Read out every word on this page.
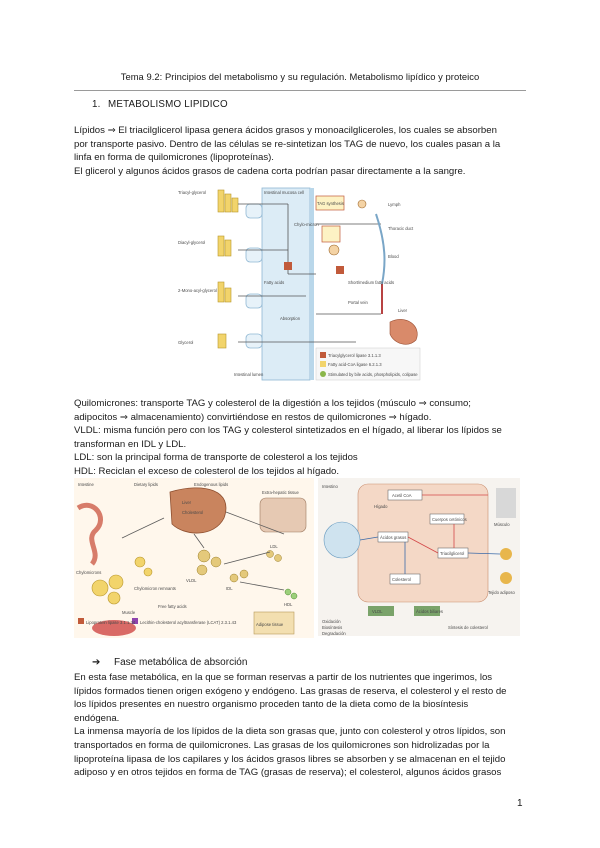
Tema 9.2: Principios del metabolismo y su regulación. Metabolismo lipídico y proteico
1. METABOLISMO LIPIDICO
Lípidos ⇒ El triacilglicerol lipasa genera ácidos grasos y monoacilgliceroles, los cuales se absorben
por transporte pasivo. Dentro de las células se re-sintetizan los TAG de nuevo, los cuales pasan a la
linfa en forma de quilomicrones (lipoproteínas).
El glicerol y algunos ácidos grasos de cadena corta podrían pasar directamente a la sangre.
Triacyl-glycerol
Diacyl-glycerol
2-Mono-acyl-glycerol
Glycerol
Intestinal lumen
Intestinal mucosa cell
Fatty acids
TAG synthesis
Chylo-micron
Lymph
Thoracic duct
Blood
Liver
Short/medium fatty acids
Portal vein
Absorption
Triacylglycerol lipase 3.1.1.3
Fatty acid-CoA ligase 6.2.1.3
Stimulated by bile acids, phospholipids, colipase
Quilomicrones: transporte TAG y colesterol de la digestión a los tejidos (músculo ⇒ consumo;
adipocitos ⇒ almacenamiento) convirtiéndose en restos de quilomicrones ⇒ hígado.
VLDL: misma función pero con los TAG y colesterol sintetizados en el hígado, al liberar los lípidos se
transforman en IDL y LDL.
LDL: son la principal forma de transporte de colesterol a los tejidos
HDL: Reciclan el exceso de colesterol de los tejidos al hígado.
Intestine	Dietary lipids	Endogenous lipids
Liver
Cholesterol
Extra-hepatic tissue
Chylomicrons
Chylomicron remnants
VLDL
IDL
LDL
HDL
Muscle
Adipose tissue
Free fatty acids
Lipoprotein lipase 3.1.1.34 Lecithin-cholesterol acyltransferase (LCAT) 2.3.1.43
Intestino
Acetil CoA
Cuerpos cetónicos
Ácidos grasos
Triacilglicerol
Colesterol
Hígado
Músculo
Tejido adiposo
VLDL	Ácidos biliares
Oxidación
Biosíntesis
Degradación
Síntesis de colesterol
➔ Fase metabólica de absorción
En esta fase metabólica, en la que se forman reservas a partir de los nutrientes que ingerimos, los
lípidos formados tienen origen exógeno y endógeno. Las grasas de reserva, el colesterol y el resto de
los lípidos presentes en nuestro organismo proceden tanto de la dieta como de la biosíntesis
endógena.
La inmensa mayoría de los lípidos de la dieta son grasas que, junto con colesterol y otros lípidos, son
transportados en forma de quilomicrones. Las grasas de los quilomicrones son hidrolizadas por la
lipoproteína lipasa de los capilares y los ácidos grasos libres se absorben y se almacenan en el tejido
adiposo y en otros tejidos en forma de TAG (grasas de reserva); el colesterol, algunos ácidos grasos
1
